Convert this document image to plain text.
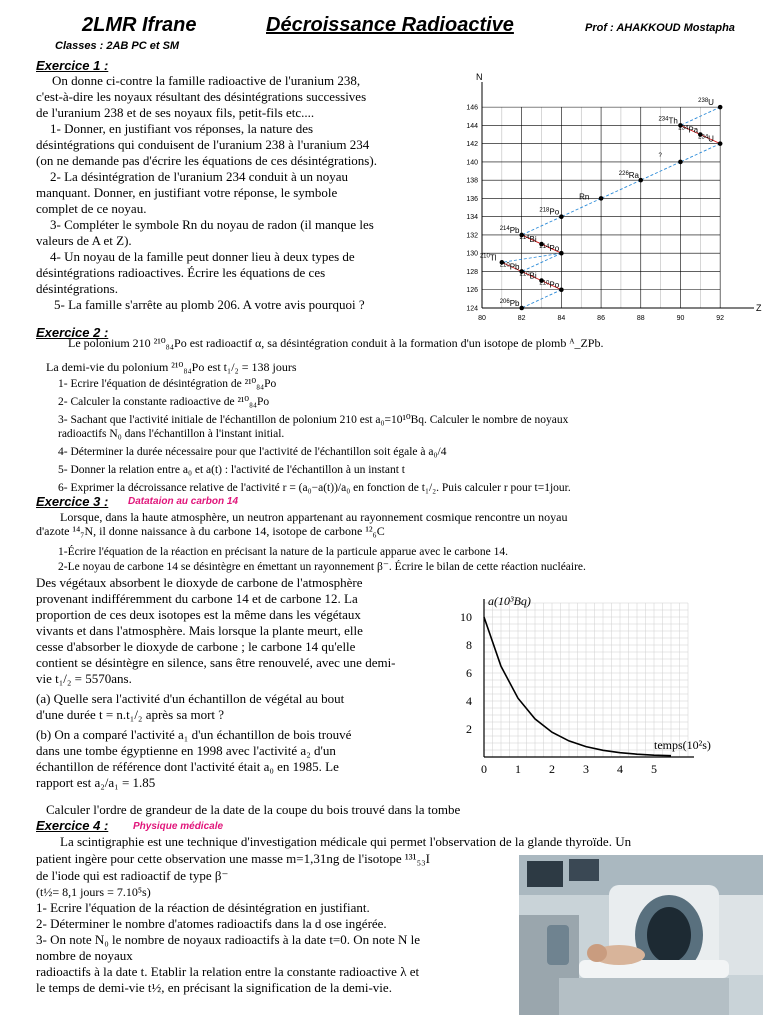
2LMR Ifrane	Décroissance Radioactive	Prof : AHAKKOUD Mostapha
Classes : 2AB PC et SM
Exercice 1 :
On donne ci-contre la famille radioactive de l'uranium 238,
c'est-à-dire les noyaux résultant des désintégrations successives
de l'uranium 238 et de ses noyaux fils, petit-fils etc....
1- Donner, en justifiant vos réponses, la nature des
désintégrations qui conduisent de l'uranium 238 à l'uranium 234
(on ne demande pas d'écrire les équations de ces désintégrations).
2- La désintégration de l'uranium 234 conduit à un noyau
manquant. Donner, en justifiant votre réponse, le symbole
complet de ce noyau.
3- Compléter le symbole Rn du noyau de radon (il manque les
valeurs de A et Z).
4- Un noyau de la famille peut donner lieu à deux types de
désintégrations radioactives. Écrire les équations de ces
désintégrations.
5- La famille s'arrête au plomb 206. A votre avis pourquoi ?
N
Z
80	82	84	86	88	90	92
124
126
128
130
132
134
136
138
140
142
144
146
$^{238}$U
$^{234}$Th
$^{234}$Pa
$^{234}$U
?
$^{226}$Ra
Rn
$^{218}$Po
$^{214}$Pb
$^{214}$Bi
$^{214}$Po
$^{210}$Tl
$^{210}$Pb
$^{210}$Bi
$^{210}$Po
$^{206}$Pb
Exercice 2 :
Le polonium 210 ²¹⁰₈₄Po est radioactif α, sa désintégration conduit à la formation d'un isotope de plomb ᴬ_ZPb.
La demi-vie du polonium ²¹⁰₈₄Po est t₁/₂ = 138 jours
1- Ecrire l'équation de désintégration de ²¹⁰₈₄Po
2- Calculer la constante radioactive de ²¹⁰₈₄Po
3- Sachant que l'activité initiale de l'échantillon de polonium 210 est a₀=10¹⁰Bq. Calculer le nombre de noyaux
radioactifs N₀ dans l'échantillon à l'instant initial.
4- Déterminer la durée nécessaire pour que l'activité de l'échantillon soit égale à a₀/4
5- Donner la relation entre a₀ et a(t) : l'activité de l'échantillon à un instant t
6- Exprimer la décroissance relative de l'activité r = (a₀−a(t))/a₀ en fonction de t₁/₂. Puis calculer r pour t=1jour.
Exercice 3 : Datataion au carbon 14
Lorsque, dans la haute atmosphère, un neutron appartenant au rayonnement cosmique rencontre un noyau
d'azote ¹⁴₇N, il donne naissance à du carbone 14, isotope de carbone ¹²₆C
1-Écrire l'équation de la réaction en précisant la nature de la particule apparue avec le carbone 14.
2-Le noyau de carbone 14 se désintègre en émettant un rayonnement β⁻. Écrire le bilan de cette réaction nucléaire.
Des végétaux absorbent le dioxyde de carbone de l'atmosphère
provenant indifféremment du carbone 14 et de carbone 12. La
proportion de ces deux isotopes est la même dans les végétaux
vivants et dans l'atmosphère. Mais lorsque la plante meurt, elle
cesse d'absorber le dioxyde de carbone ; le carbone 14 qu'elle
contient se désintègre en silence, sans être renouvelé, avec une demi-
vie t₁/₂ = 5570ans.
(a) Quelle sera l'activité d'un échantillon de végétal au bout
d'une durée t = n.t₁/₂ après sa mort ?
(b) On a comparé l'activité a₁ d'un échantillon de bois trouvé
dans une tombe égyptienne en 1998 avec l'activité a₂ d'un
échantillon de référence dont l'activité était a₀ en 1985. Le
rapport est a₂/a₁ = 1.85
Calculer l'ordre de grandeur de la date de la coupe du bois trouvé dans la tombe
a(10³Bq)
temps(10²s)
0 1 2 3 4 5
2
4
6
8
10
Exercice 4 : Physique médicale
La scintigraphie est une technique d'investigation médicale qui permet l'observation de la glande thyroïde. Un
patient ingère pour cette observation une masse m=1,31ng de l'isotope ¹³¹₅₃I
de l'iode qui est radioactif de type β⁻
(t½= 8,1 jours = 7.10⁵s)
1- Ecrire l'équation de la réaction de désintégration en justifiant.
2- Déterminer le nombre d'atomes radioactifs dans la d ose ingérée.
3- On note N₀ le nombre de noyaux radioactifs à la date t=0. On note N le
nombre de noyaux
radioactifs à la date t. Etablir la relation entre la constante radioactive λ et
le temps de demi-vie t½, en précisant la signification de la demi-vie.
